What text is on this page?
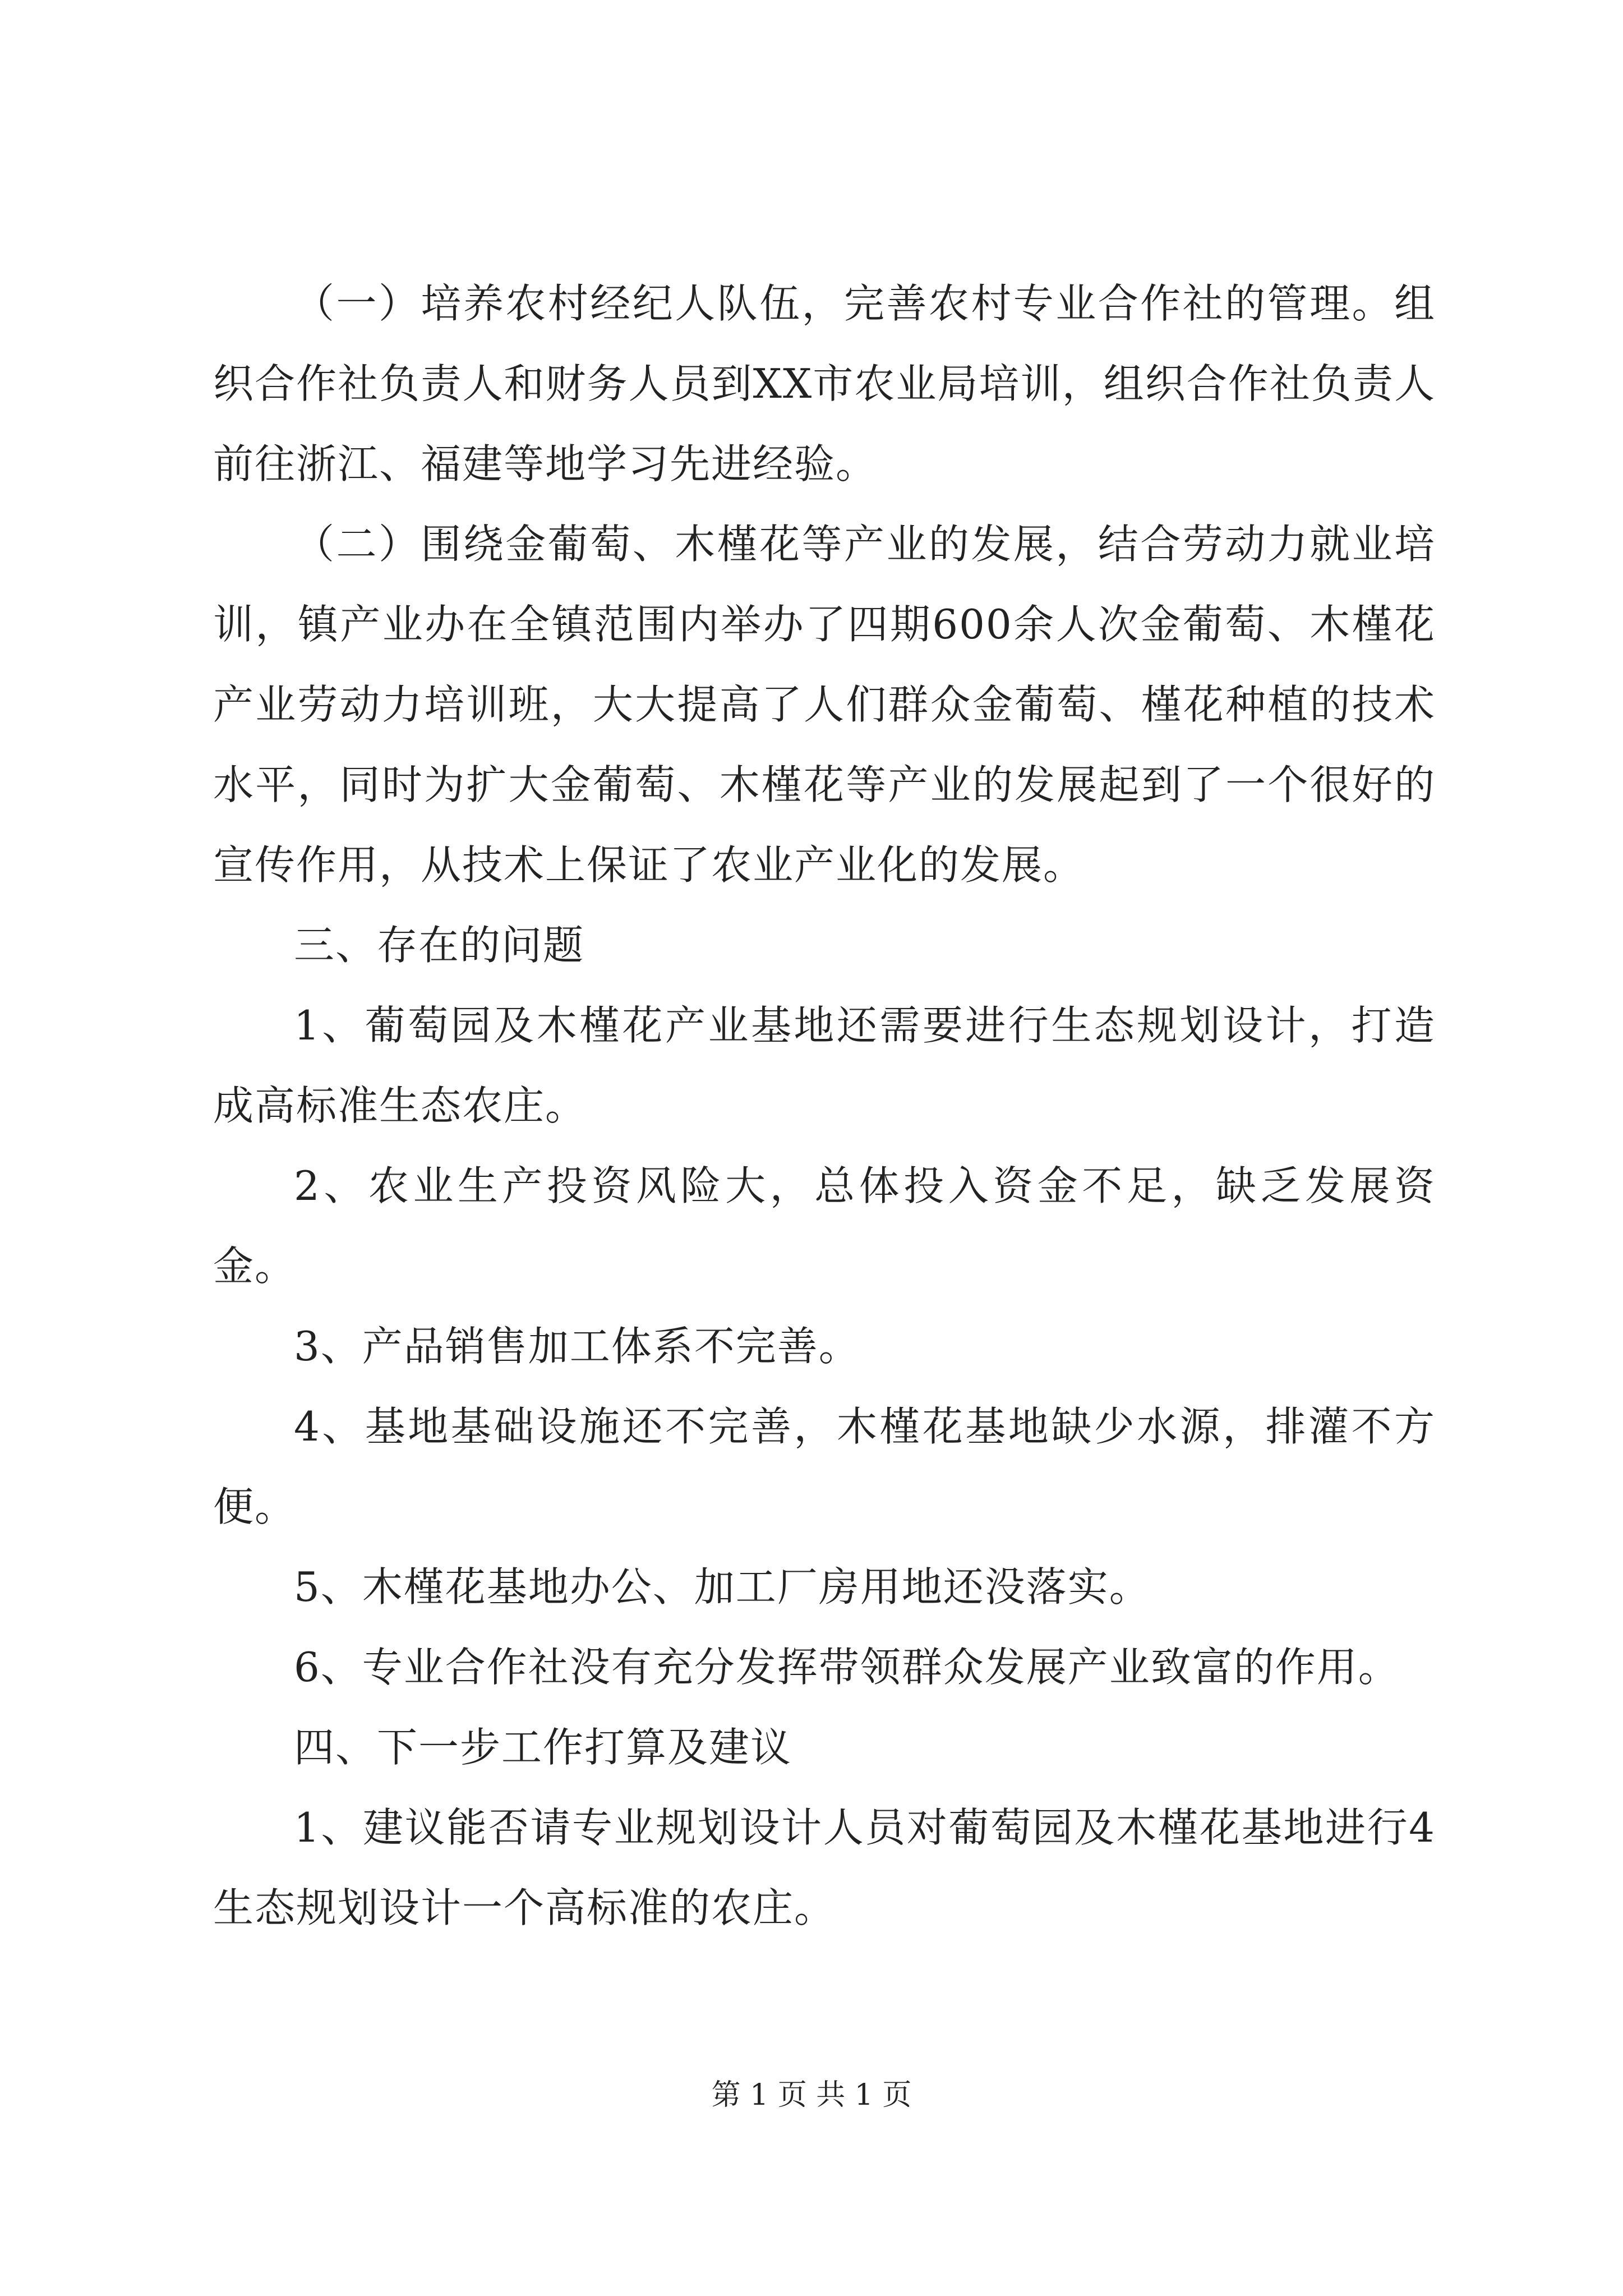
（一）培养农村经纪人队伍，完善农村专业合作社的管理。组织合作社负责人和财务人员到XX市农业局培训，组织合作社负责人前往浙江、福建等地学习先进经验。

（二）围绕金葡萄、木槿花等产业的发展，结合劳动力就业培训，镇产业办在全镇范围内举办了四期600余人次金葡萄、木槿花产业劳动力培训班，大大提高了人们群众金葡萄、槿花种植的技术水平，同时为扩大金葡萄、木槿花等产业的发展起到了一个很好的宣传作用，从技术上保证了农业产业化的发展。

三、存在的问题

1、葡萄园及木槿花产业基地还需要进行生态规划设计，打造成高标准生态农庄。

2、农业生产投资风险大，总体投入资金不足，缺乏发展资金。

3、产品销售加工体系不完善。

4、基地基础设施还不完善，木槿花基地缺少水源，排灌不方便。

5、木槿花基地办公、加工厂房用地还没落实。

6、专业合作社没有充分发挥带领群众发展产业致富的作用。

四、下一步工作打算及建议

1、建议能否请专业规划设计人员对葡萄园及木槿花基地进行4生态规划设计一个高标准的农庄。

第 1 页 共 1 页
